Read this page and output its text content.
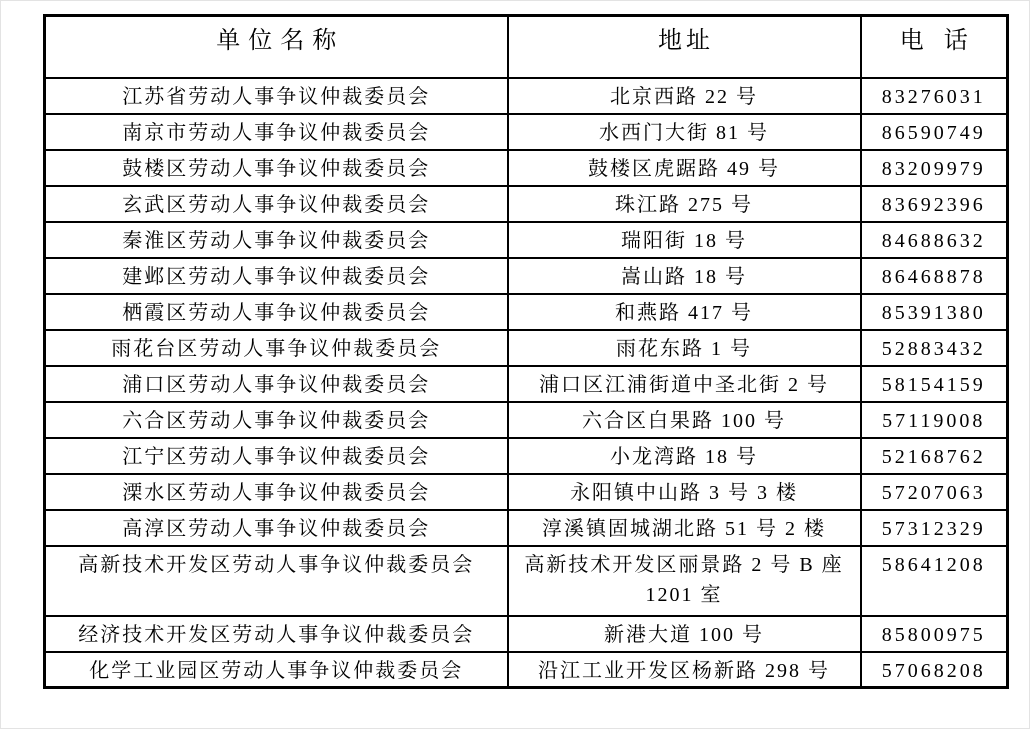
单位名称	地址	电话
江苏省劳动人事争议仲裁委员会	北京西路 22 号	83276031
南京市劳动人事争议仲裁委员会	水西门大街 81 号	86590749
鼓楼区劳动人事争议仲裁委员会	鼓楼区虎踞路 49 号	83209979
玄武区劳动人事争议仲裁委员会	珠江路 275 号	83692396
秦淮区劳动人事争议仲裁委员会	瑞阳街 18 号	84688632
建邺区劳动人事争议仲裁委员会	嵩山路 18 号	86468878
栖霞区劳动人事争议仲裁委员会	和燕路 417 号	85391380
雨花台区劳动人事争议仲裁委员会	雨花东路 1 号	52883432
浦口区劳动人事争议仲裁委员会	浦口区江浦街道中圣北街 2 号	58154159
六合区劳动人事争议仲裁委员会	六合区白果路 100 号	57119008
江宁区劳动人事争议仲裁委员会	小龙湾路 18 号	52168762
溧水区劳动人事争议仲裁委员会	永阳镇中山路 3 号 3 楼	57207063
高淳区劳动人事争议仲裁委员会	淳溪镇固城湖北路 51 号 2 楼	57312329
高新技术开发区劳动人事争议仲裁委员会	高新技术开发区丽景路 2 号 B 座 1201 室	58641208
经济技术开发区劳动人事争议仲裁委员会	新港大道 100 号	85800975
化学工业园区劳动人事争议仲裁委员会	沿江工业开发区杨新路 298 号	57068208
